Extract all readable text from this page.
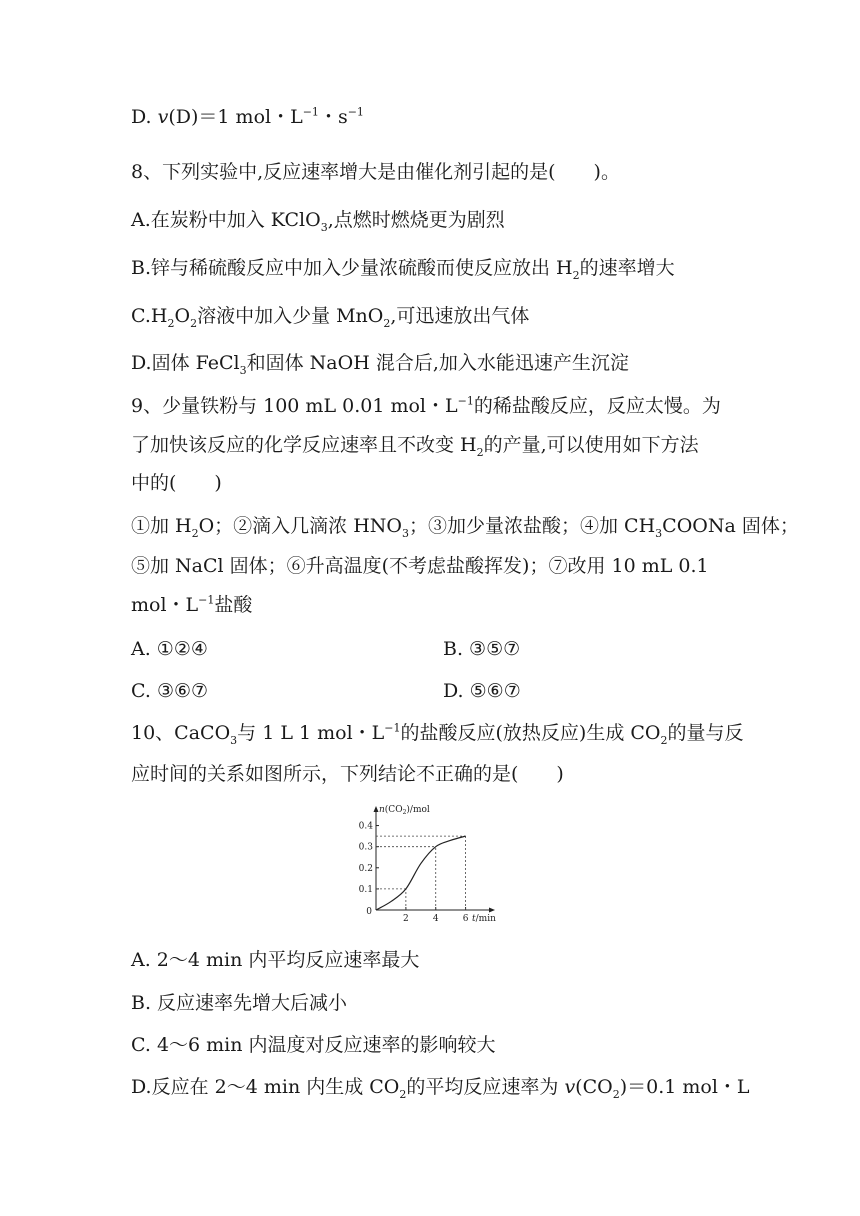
D. v(D)＝1 mol・$L^{-1}$・$s^{-1}$
8、下列实验中,反应速率增大是由催化剂引起的是(　　)。
A.在炭粉中加入 KClO$_3$,点燃时燃烧更为剧烈
B.锌与稀硫酸反应中加入少量浓硫酸而使反应放出 $H_2$的速率增大
$C.H_2O_2$溶液中加入少量 MnO$_2$,可迅速放出气体
D.固体 FeCl$_3$和固体 NaOH 混合后,加入水能迅速产生沉淀
9、少量铁粉与 100 mL 0.01 mol・$L^{-1}$的稀盐酸反应，反应太慢。为
了加快该反应的化学反应速率且不改变 $H_2$的产量,可以使用如下方法
中的(　　)
①加 $H_2O$；②滴入几滴浓 $HNO_3$；③加少量浓盐酸；④加 $CH_3COONa$ 固体；
⑤加 NaCl 固体；⑥升高温度(不考虑盐酸挥发)；⑦改用 10 mL 0.1
mol・$L^{-1}$盐酸
A. ①②④	B. ③⑤⑦
C. ③⑥⑦	D. ⑤⑥⑦
10、CaCO$_3$与 1 L 1 mol・$L^{-1}$的盐酸反应(放热反应)生成 $CO_2$的量与反
应时间的关系如图所示，下列结论不正确的是(　　)
0.1
0.2
0.3
0.4
2	4	6
0
$n(CO_2)$/mol
t/min
A. 2～4 min 内平均反应速率最大
B. 反应速率先增大后减小
C. 4～6 min 内温度对反应速率的影响较大
D.反应在 2～4 min 内生成 $CO_2$的平均反应速率为 $v(CO_2)=0.1$ mol・L
